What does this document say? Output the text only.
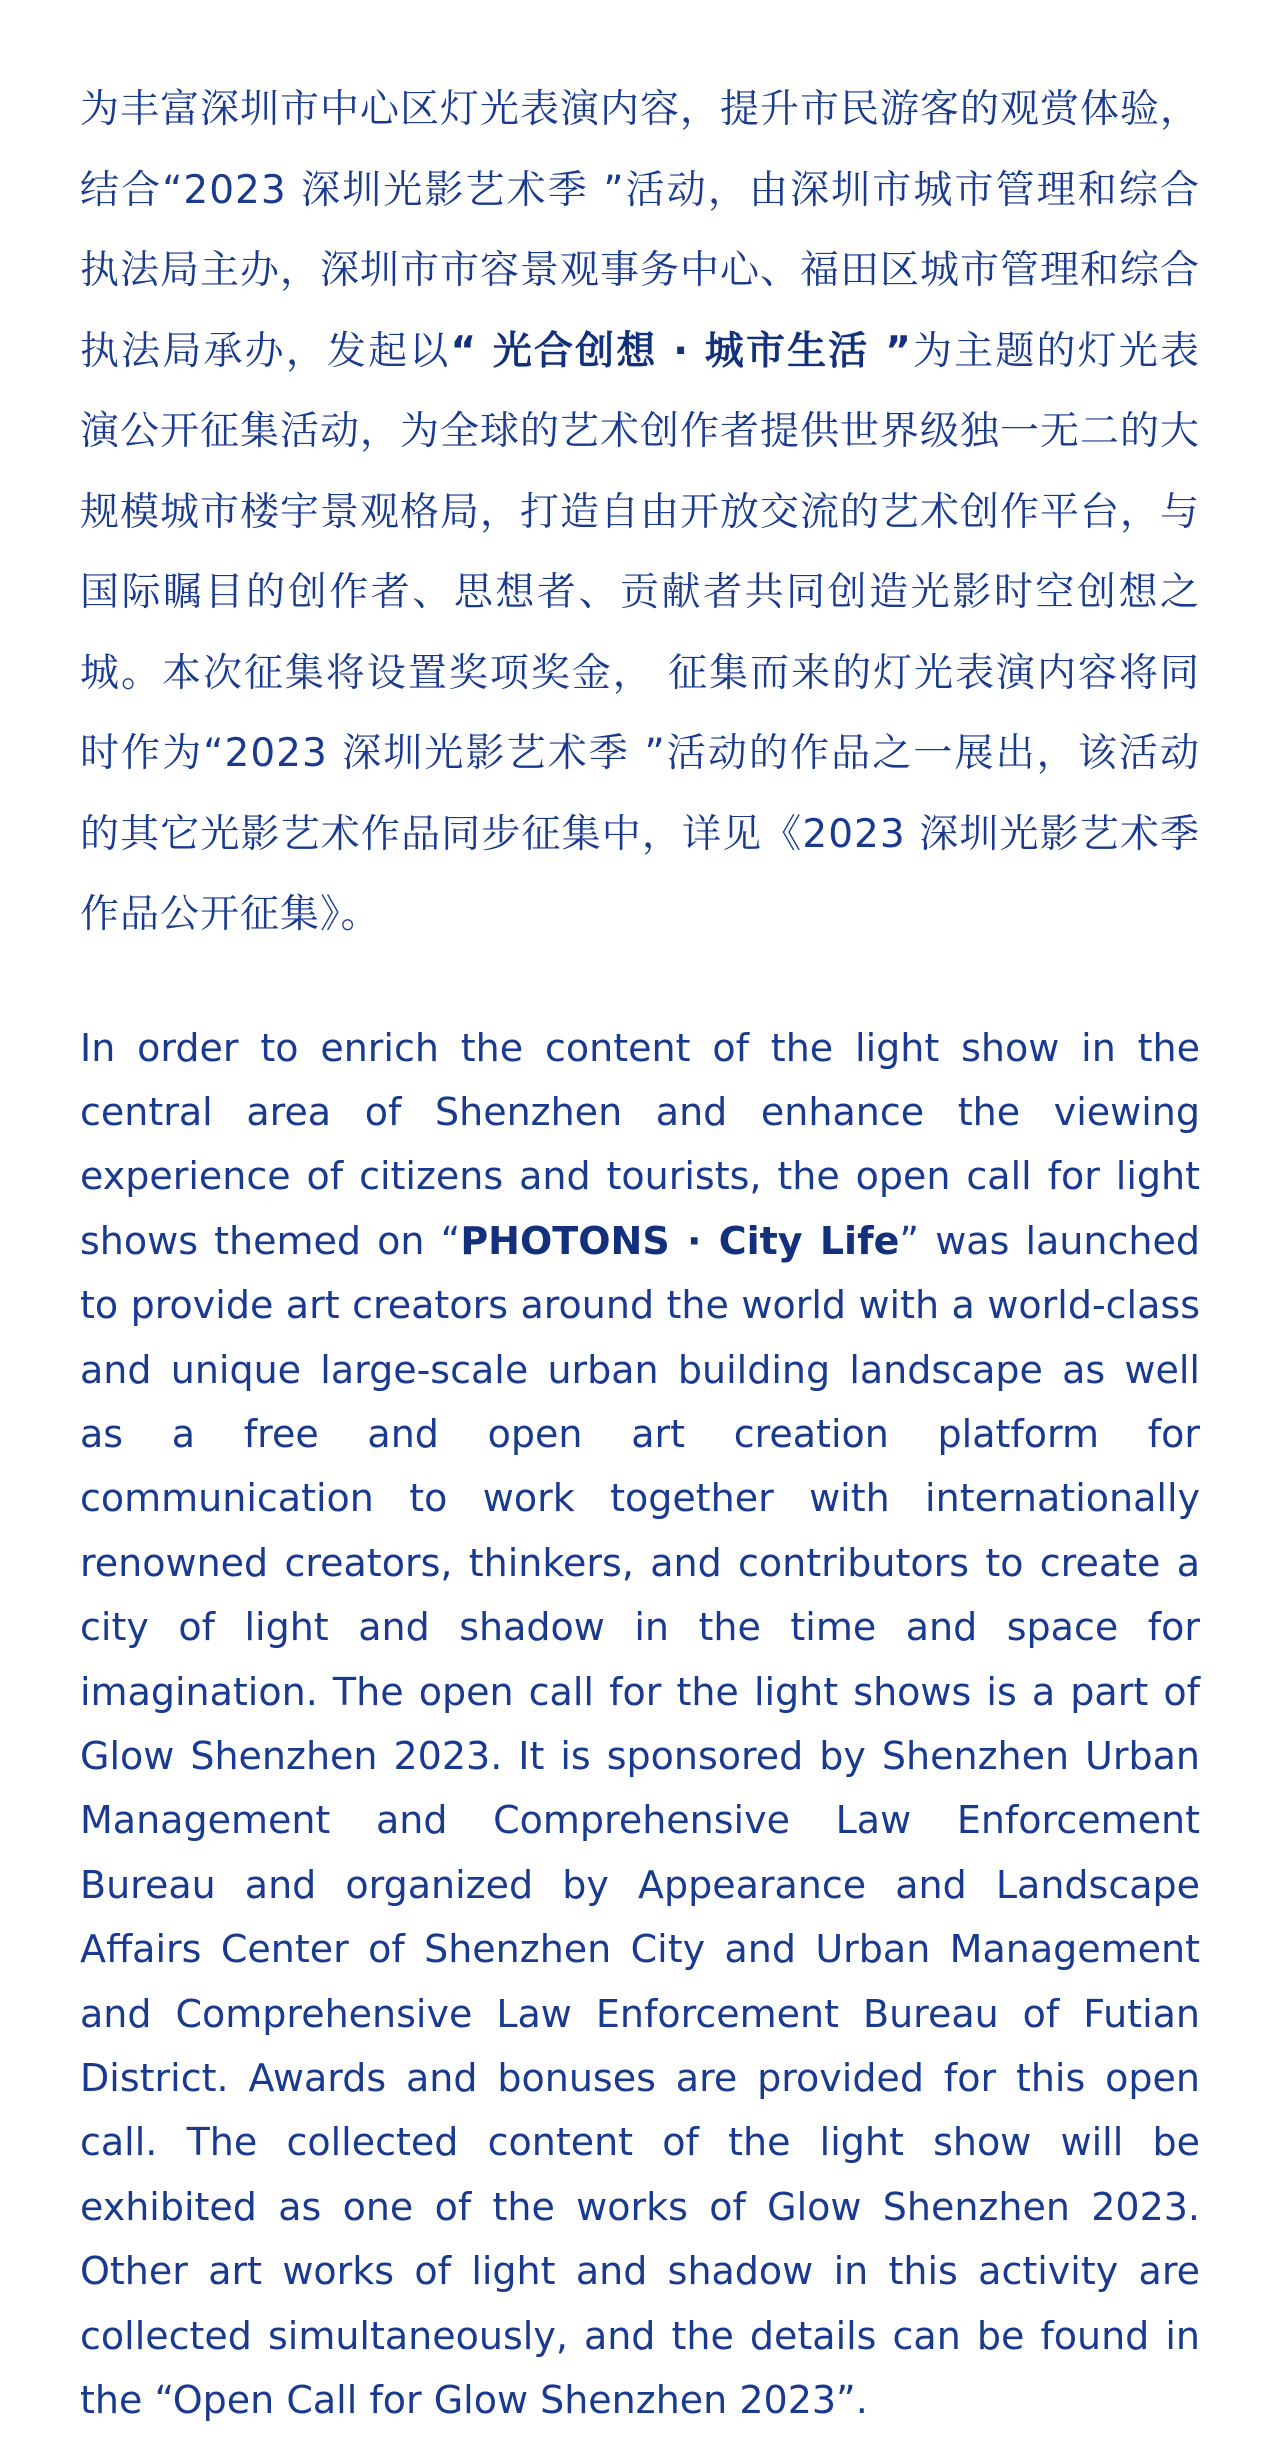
为丰富深圳市中心区灯光表演内容，提升市民游客的观赏体验，结合“2023 深圳光影艺术季 ”活动，由深圳市城市管理和综合执法局主办，深圳市市容景观事务中心、福田区城市管理和综合执法局承办，发起以“ 光合创想 · 城市生活 ”为主题的灯光表演公开征集活动，为全球的艺术创作者提供世界级独一无二的大规模城市楼宇景观格局，打造自由开放交流的艺术创作平台，与国际瞩目的创作者、思想者、贡献者共同创造光影时空创想之城。本次征集将设置奖项奖金， 征集而来的灯光表演内容将同时作为“2023 深圳光影艺术季 ”活动的作品之一展出，该活动的其它光影艺术作品同步征集中，详见《2023 深圳光影艺术季作品公开征集》。

In order to enrich the content of the light show in the central area of Shenzhen and enhance the viewing experience of citizens and tourists, the open call for light shows themed on “PHOTONS · City Life” was launched to provide art creators around the world with a world-class and unique large-scale urban building landscape as well as a free and open art creation platform for communication to work together with internationally renowned creators, thinkers, and contributors to create a city of light and shadow in the time and space for imagination. The open call for the light shows is a part of Glow Shenzhen 2023. It is sponsored by Shenzhen Urban Management and Comprehensive Law Enforcement Bureau and organized by Appearance and Landscape Affairs Center of Shenzhen City and Urban Management and Comprehensive Law Enforcement Bureau of Futian District. Awards and bonuses are provided for this open call. The collected content of the light show will be exhibited as one of the works of Glow Shenzhen 2023. Other art works of light and shadow in this activity are collected simultaneously, and the details can be found in the “Open Call for Glow Shenzhen 2023”.
